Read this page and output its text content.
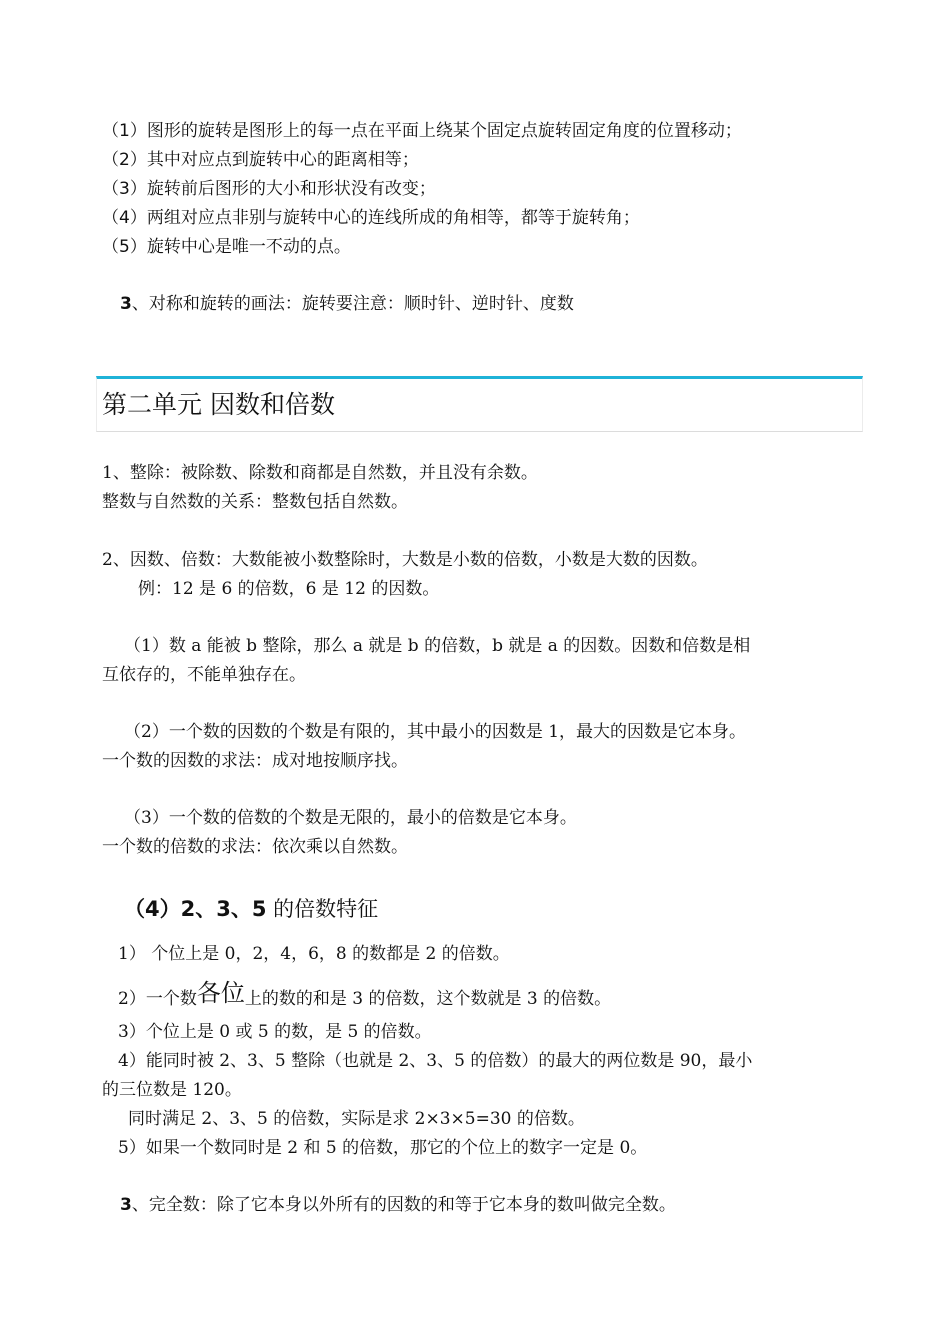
（1）图形的旋转是图形上的每一点在平面上绕某个固定点旋转固定角度的位置移动；
（2）其中对应点到旋转中心的距离相等；
（3）旋转前后图形的大小和形状没有改变；
（4）两组对应点非别与旋转中心的连线所成的角相等，都等于旋转角；
（5）旋转中心是唯一不动的点。
3、对称和旋转的画法：旋转要注意：顺时针、逆时针、度数
第二单元 因数和倍数
1、整除：被除数、除数和商都是自然数，并且没有余数。
整数与自然数的关系：整数包括自然数。
2、因数、倍数：大数能被小数整除时，大数是小数的倍数，小数是大数的因数。
例：12 是 6 的倍数，6 是 12 的因数。
（1）数 a 能被 b 整除，那么 a 就是 b 的倍数，b 就是 a 的因数。因数和倍数是相
互依存的，不能单独存在。
（2）一个数的因数的个数是有限的，其中最小的因数是 1，最大的因数是它本身。
一个数的因数的求法：成对地按顺序找。
（3）一个数的倍数的个数是无限的，最小的倍数是它本身。
一个数的倍数的求法：依次乘以自然数。
（4）2、3、5 的倍数特征
1） 个位上是 0，2，4，6，8 的数都是 2 的倍数。
2）一个数各位上的数的和是 3 的倍数，这个数就是 3 的倍数。
3）个位上是 0 或 5 的数，是 5 的倍数。
4）能同时被 2、3、5 整除（也就是 2、3、5 的倍数）的最大的两位数是 90，最小
的三位数是 120。
同时满足 2、3、5 的倍数，实际是求 2×3×5=30 的倍数。
5）如果一个数同时是 2 和 5 的倍数，那它的个位上的数字一定是 0。
3、完全数：除了它本身以外所有的因数的和等于它本身的数叫做完全数。
